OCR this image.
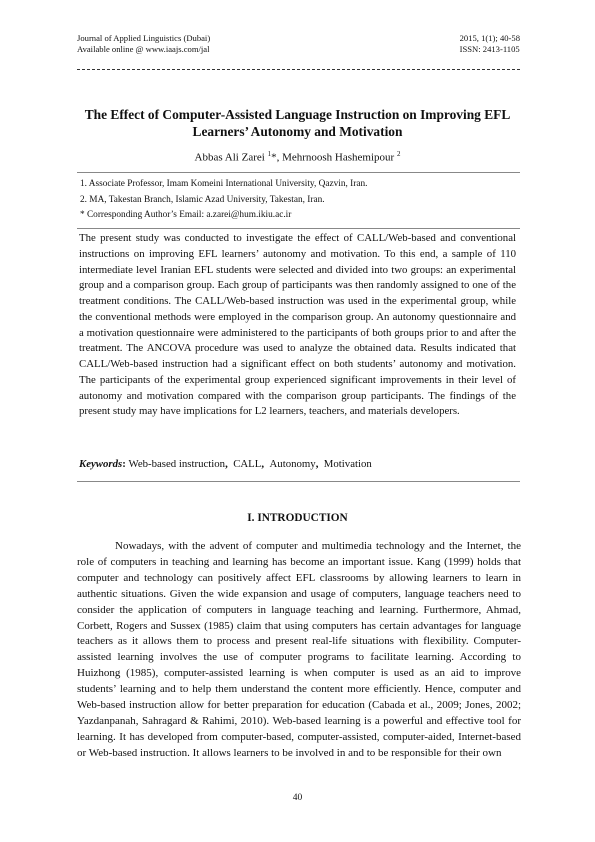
Journal of Applied Linguistics (Dubai)
Available online @ www.iaajs.com/jal
2015, 1(1); 40-58
ISSN: 2413-1105
The Effect of Computer-Assisted Language Instruction on Improving EFL
Learners’ Autonomy and Motivation
Abbas Ali Zarei $^1$*, Mehrnoosh Hashemipour $^2$
1. Associate Professor, Imam Komeini International University, Qazvin, Iran.
2. MA, Takestan Branch, Islamic Azad University, Takestan, Iran.
* Corresponding Author’s Email: a.zarei@hum.ikiu.ac.ir
The present study was conducted to investigate the effect of CALL/Web-based and conventional instructions on improving EFL learners’ autonomy and motivation. To this end, a sample of 110 intermediate level Iranian EFL students were selected and divided into two groups: an experimental group and a comparison group. Each group of participants was then randomly assigned to one of the treatment conditions. The CALL/Web-based instruction was used in the experimental group, while the conventional methods were employed in the comparison group. An autonomy questionnaire and a motivation questionnaire were administered to the participants of both groups prior to and after the treatment. The ANCOVA procedure was used to analyze the obtained data. Results indicated that CALL/Web-based instruction had a significant effect on both students’ autonomy and motivation. The participants of the experimental group experienced significant improvements in their level of autonomy and motivation compared with the comparison group participants. The findings of the present study may have implications for L2 learners, teachers, and materials developers.
Keywords: Web-based instruction,  CALL,  Autonomy,  Motivation
I. INTRODUCTION
Nowadays, with the advent of computer and multimedia technology and the Internet, the role of computers in teaching and learning has become an important issue. Kang (1999) holds that computer and technology can positively affect EFL classrooms by allowing learners to learn in authentic situations. Given the wide expansion and usage of computers, language teachers need to consider the application of computers in language teaching and learning. Furthermore, Ahmad, Corbett, Rogers and Sussex (1985) claim that using computers has certain advantages for language teachers as it allows them to process and present real-life situations with flexibility. Computer-assisted learning involves the use of computer programs to facilitate learning. According to Huizhong (1985), computer-assisted learning is when computer is used as an aid to improve students’ learning and to help them understand the content more efficiently. Hence, computer and Web-based instruction allow for better preparation for education (Cabada et al., 2009; Jones, 2002; Yazdanpanah, Sahragard & Rahimi, 2010). Web-based learning is a powerful and effective tool for learning. It has developed from computer-based, computer-assisted, computer-aided, Internet-based or Web-based instruction. It allows learners to be involved in and to be responsible for their own
40
